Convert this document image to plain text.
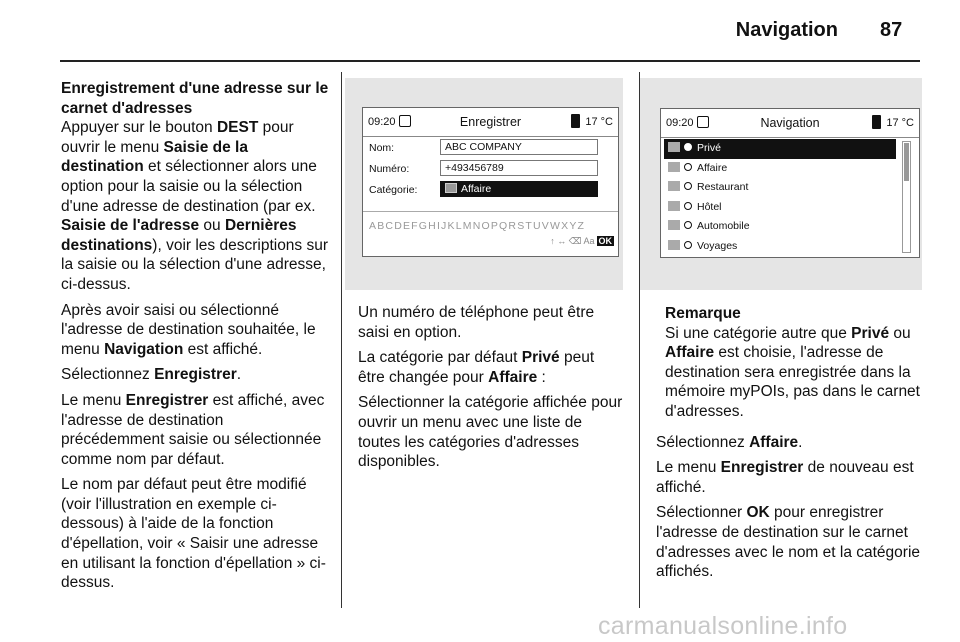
Navigation 87

Enregistrement d'une adresse sur le carnet d'adresses

Appuyer sur le bouton DEST pour ouvrir le menu Saisie de la destination et sélectionner alors une option pour la saisie ou la sélection d'une adresse de destination (par ex. Saisie de l'adresse ou Dernières destinations), voir les descriptions sur la saisie ou la sélection d'une adresse, ci-dessus.

Après avoir saisi ou sélectionné l'adresse de destination souhaitée, le menu Navigation est affiché.

Sélectionnez Enregistrer.

Le menu Enregistrer est affiché, avec l'adresse de destination précédemment saisie ou sélectionnée comme nom par défaut.

Le nom par défaut peut être modifié (voir l'illustration en exemple ci-dessous) à l'aide de la fonction d'épellation, voir « Saisir une adresse en utilisant la fonction d'épellation » ci-dessus.

09:20	Enregistrer	17 °C
Nom:	ABC COMPANY
Numéro:	+493456789
Catégorie:	Affaire
ABCDEFGHIJKLMNOPQRSTUVWXYZ
↑ ↔ ⌫ Aa OK

Un numéro de téléphone peut être saisi en option.

La catégorie par défaut Privé peut être changée pour Affaire :

Sélectionner la catégorie affichée pour ouvrir un menu avec une liste de toutes les catégories d'adresses disponibles.

09:20	Navigation	17 °C
Privé
Affaire
Restaurant
Hôtel
Automobile
Voyages
Remarque
Si une catégorie autre que Privé ou Affaire est choisie, l'adresse de destination sera enregistrée dans la mémoire myPOIs, pas dans le carnet d'adresses.

Sélectionnez Affaire.

Le menu Enregistrer de nouveau est affiché.

Sélectionner OK pour enregistrer l'adresse de destination sur le carnet d'adresses avec le nom et la catégorie affichés.

carmanualsonline.info
